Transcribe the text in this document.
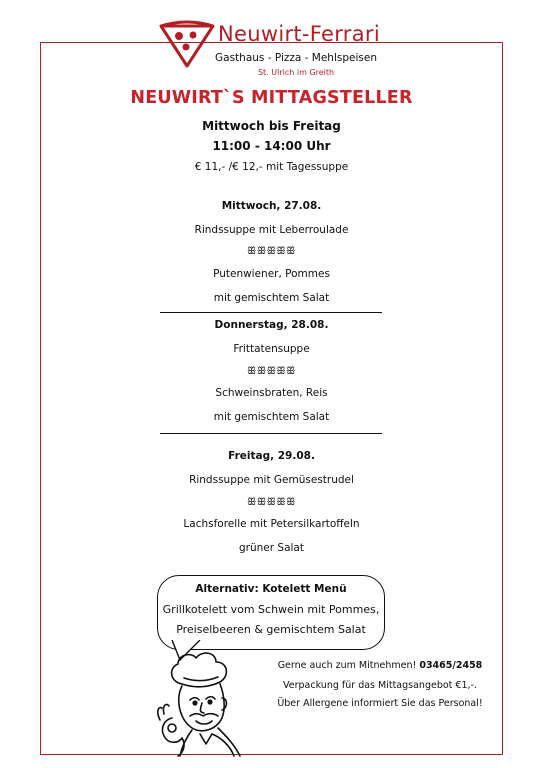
Neuwirt-Ferrari
Gasthaus - Pizza - Mehlspeisen
St. Ulrich im Greith
NEUWIRT`S MITTAGSTELLER
Mittwoch bis Freitag
11:00 - 14:00 Uhr
€ 11,- /€ 12,- mit Tagessuppe
Mittwoch, 27.08.
Rindssuppe mit Leberroulade
ꕥꕥꕥꕥꕥ
Putenwiener, Pommes
mit gemischtem Salat
Donnerstag, 28.08.
Frittatensuppe
ꕥꕥꕥꕥꕥ
Schweinsbraten, Reis
mit gemischtem Salat
Freitag, 29.08.
Rindssuppe mit Gemüsestrudel
ꕥꕥꕥꕥꕥ
Lachsforelle mit Petersilkartoffeln
grüner Salat
Alternativ: Kotelett Menü
Grillkotelett vom Schwein mit Pommes,
Preiselbeeren & gemischtem Salat
Gerne auch zum Mitnehmen! 03465/2458
Verpackung für das Mittagsangebot €1,-.
Über Allergene informiert Sie das Personal!
